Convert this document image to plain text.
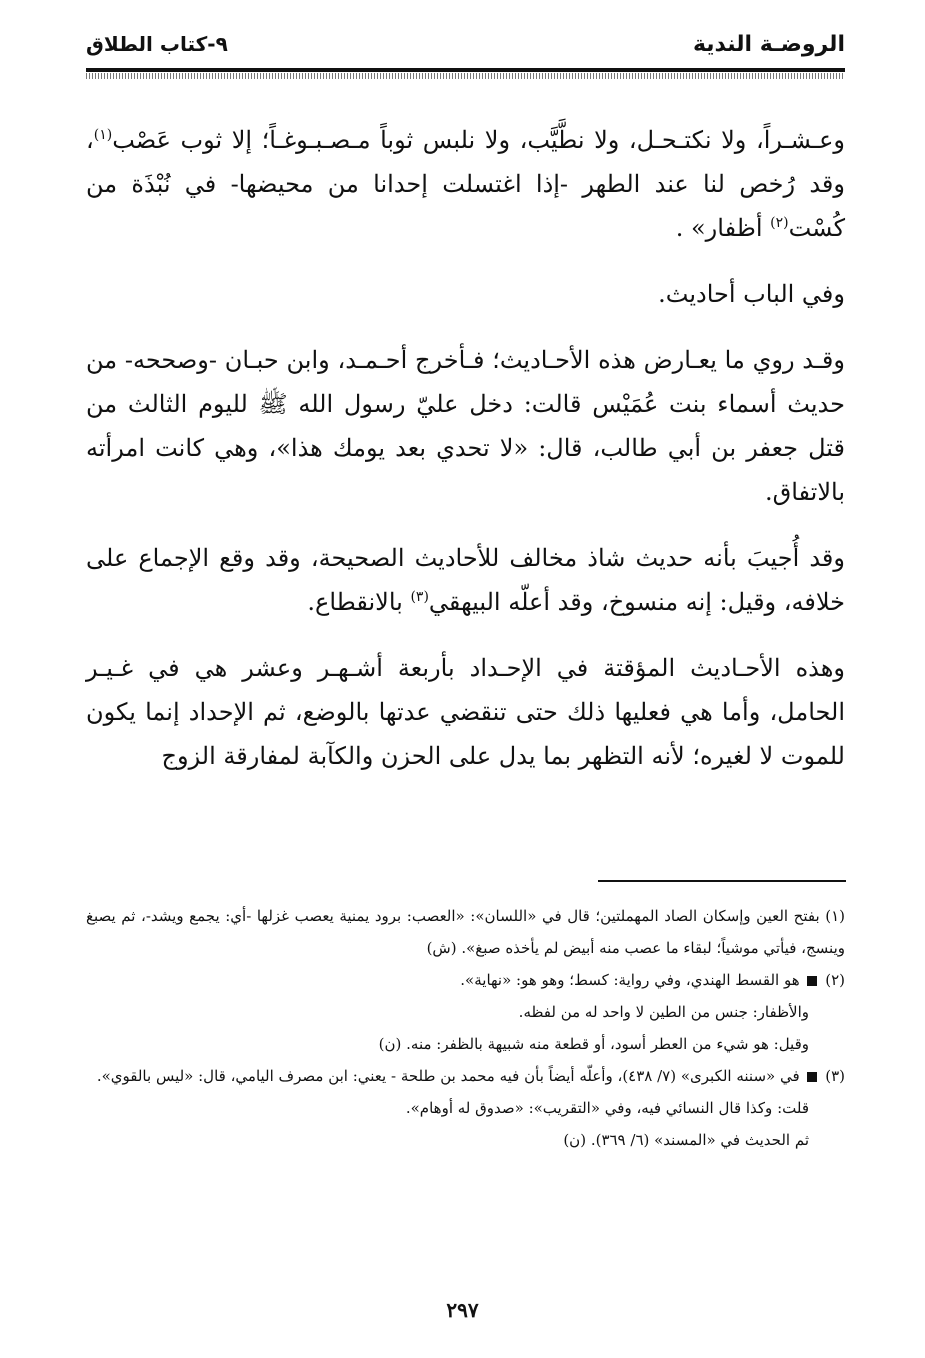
الروضـة الندية
٩-كتاب الطلاق

وعـشـراً، ولا نكتـحـل، ولا نطَّيَّب، ولا نلبس ثوباً مـصـبـوغـاً؛ إلا ثوب عَصْب$^{(١)}$، وقد رُخص لنا عند الطهر -إذا اغتسلت إحدانا من محيضها- في نُبْذَة من كُسْت$^{(٢)}$ أظفار» .

وفي الباب أحاديث.

وقـد روي ما يعـارض هذه الأحـاديث؛ فـأخرج أحـمـد، وابن حبـان -وصححه- من حديث أسماء بنت عُمَيْس قالت: دخل عليّ رسول الله ﷺ لليوم الثالث من قتل جعفر بن أبي طالب، قال: «لا تحدي بعد يومك هذا»، وهي كانت امرأته بالاتفاق.

وقد أُجيبَ بأنه حديث شاذ مخالف للأحاديث الصحيحة، وقد وقع الإجماع على خلافه، وقيل: إنه منسوخ، وقد أعلّه البيهقي$^{(٣)}$ بالانقطاع.

وهذه الأحـاديث المؤقتة في الإحـداد بأربعة أشـهـر وعشر هي في غـيـر الحامل، وأما هي فعليها ذلك حتى تنقضي عدتها بالوضع، ثم الإحداد إنما يكون للموت لا لغيره؛ لأنه التظهر بما يدل على الحزن والكآبة لمفارقة الزوج

(١) بفتح العين وإسكان الصاد المهملتين؛ قال في «اللسان»: «العصب: برود يمنية يعصب غزلها -أي: يجمع ويشد-، ثم يصبغ وينسج، فيأتي موشياً؛ لبقاء ما عصب منه أبيض لم يأخذه صبغ». (ش)

(٢)  هو القسط الهندي، وفي رواية: كسط؛ وهو هو: «نهاية».

والأظفار: جنس من الطين لا واحد له من لفظه.

وقيل: هو شيء من العطر أسود، أو قطعة منه شبيهة بالظفر: منه. (ن)

(٣)  في «سننه الكبرى» (٧/ ٤٣٨)، وأعلّه أيضاً بأن فيه محمد بن طلحة - يعني: ابن مصرف اليامي، قال: «ليس بالقوي».

قلت: وكذا قال النسائي فيه، وفي «التقريب»: «صدوق له أوهام».

ثم الحديث في «المسند» (٦/ ٣٦٩). (ن)

٢٩٧
